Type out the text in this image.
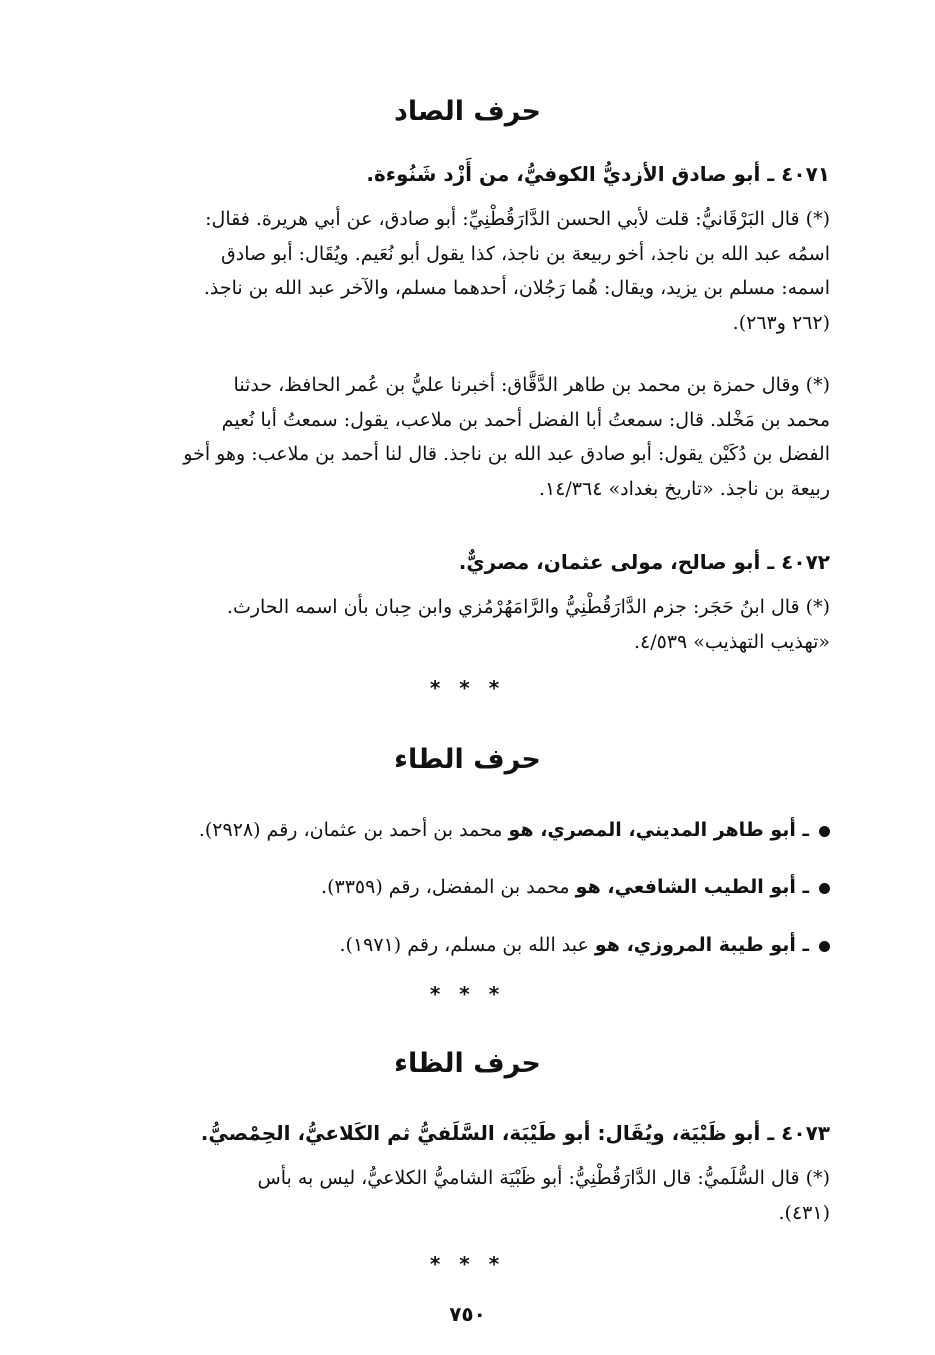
حرف الصاد
٤٠٧١ ـ أبو صادق الأزديُّ الكوفيُّ، من أَزْد شَنُوءة.

(*) قال البَرْقَانيُّ: قلت لأبي الحسن الدَّارَقُطْنِيِّ: أبو صادق، عن أبي هريرة. فقال:
اسمُه عبد الله بن ناجذ، أخو ربيعة بن ناجذ، كذا يقول أبو نُعَيم. ويُقَال: أبو صادق
اسمه: مسلم بن يزيد، ويقال: هُما رَجُلان، أحدهما مسلم، والآخر عبد الله بن ناجذ.
(٢٦٢ و٢٦٣).

(*) وقال حمزة بن محمد بن طاهر الدَّقَّاق: أخبرنا عليُّ بن عُمر الحافظ، حدثنا
محمد بن مَخْلد. قال: سمعتُ أبا الفضل أحمد بن ملاعب، يقول: سمعتُ أبا نُعيم
الفضل بن دُكَيْن يقول: أبو صادق عبد الله بن ناجذ. قال لنا أحمد بن ملاعب: وهو أخو
ربيعة بن ناجذ. «تاريخ بغداد» ١٤/٣٦٤.

٤٠٧٢ ـ أبو صالح، مولى عثمان، مصريٌّ.

(*) قال ابنُ حَجَر: جزم الدَّارَقُطْنِيُّ والرَّامَهُرْمُزي وابن حِبان بأن اسمه الحارث.
«تهذيب التهذيب» ٤/٥٣٩.

* * *
حرف الطاء
ـ أبو طاهر المديني، المصري، هو محمد بن أحمد بن عثمان، رقم (٢٩٢٨).
ـ أبو الطيب الشافعي، هو محمد بن المفضل، رقم (٣٣٥٩).
ـ أبو طيبة المروزي، هو عبد الله بن مسلم، رقم (١٩٧١).
* * *
حرف الظاء
٤٠٧٣ ـ أبو ظَبْيَة، ويُقَال: أبو طَيْبَة، السَّلَفيُّ ثم الكَلاعيُّ، الحِمْصيُّ.

(*) قال السُّلَميُّ: قال الدَّارَقُطْنِيُّ: أبو ظَبْيَة الشاميُّ الكلاعيُّ، ليس به بأس
(٤٣١).

* * *
٧٥٠
